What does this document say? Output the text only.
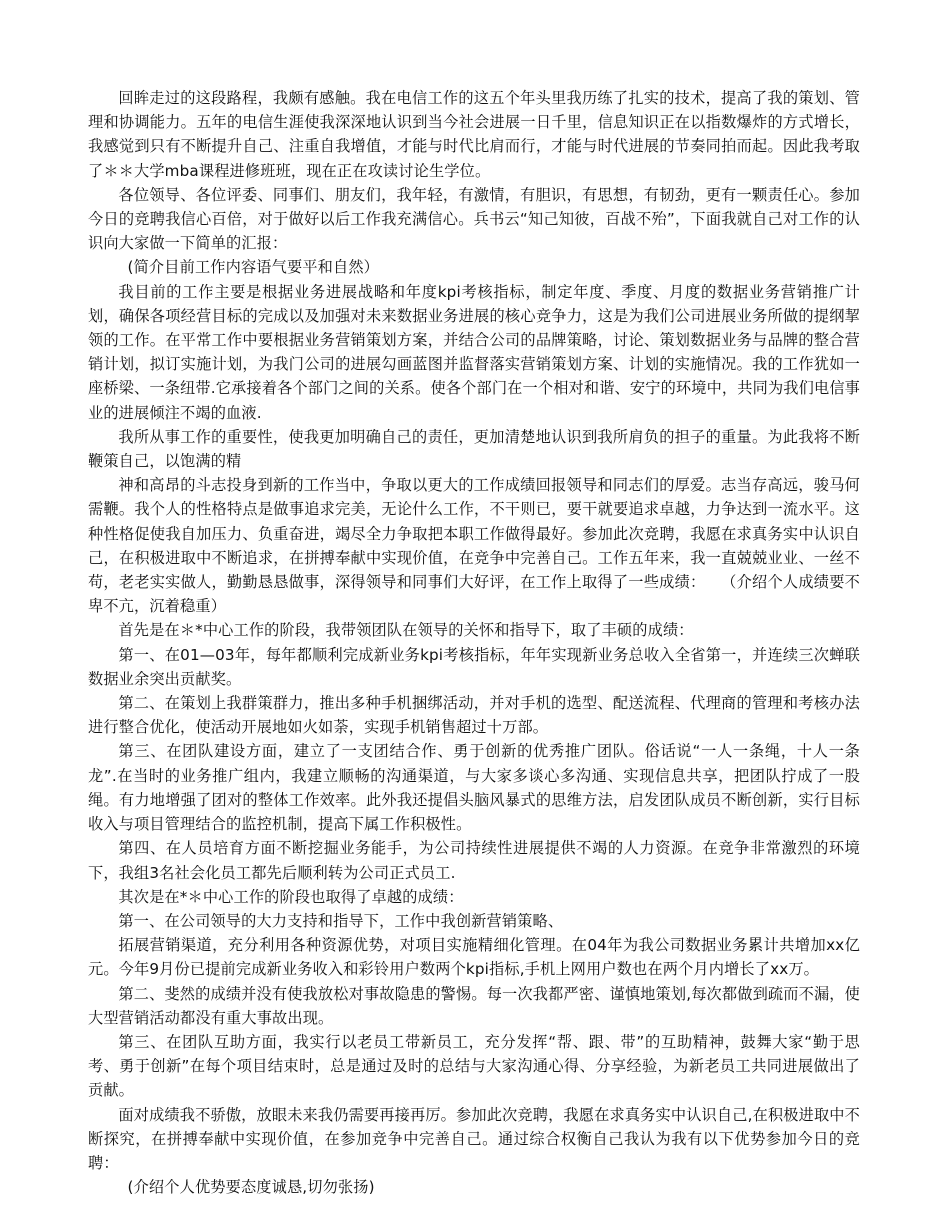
回眸走过的这段路程，我颇有感触。我在电信工作的这五个年头里我历练了扎实的技术，提高了我的策划、管理和协调能力。五年的电信生涯使我深深地认识到当今社会进展一日千里，信息知识正在以指数爆炸的方式增长，我感觉到只有不断提升自己、注重自我增值，才能与时代比肩而行，才能与时代进展的节奏同拍而起。因此我考取了＊＊大学mba课程进修班班，现在正在攻读讨论生学位。

各位领导、各位评委、同事们、朋友们，我年轻，有激情，有胆识，有思想，有韧劲，更有一颗责任心。参加今日的竞聘我信心百倍，对于做好以后工作我充满信心。兵书云“知己知彼，百战不殆”，下面我就自己对工作的认识向大家做一下简单的汇报：

(简介目前工作内容语气要平和自然）

我目前的工作主要是根据业务进展战略和年度kpi考核指标，制定年度、季度、月度的数据业务营销推广计划，确保各项经营目标的完成以及加强对未来数据业务进展的核心竞争力，这是为我们公司进展业务所做的提纲挈领的工作。在平常工作中要根据业务营销策划方案，并结合公司的品牌策略，讨论、策划数据业务与品牌的整合营销计划，拟订实施计划，为我门公司的进展勾画蓝图并监督落实营销策划方案、计划的实施情况。我的工作犹如一座桥梁、一条纽带.它承接着各个部门之间的关系。使各个部门在一个相对和谐、安宁的环境中，共同为我们电信事业的进展倾注不竭的血液.

我所从事工作的重要性，使我更加明确自己的责任，更加清楚地认识到我所肩负的担子的重量。为此我将不断鞭策自己，以饱满的精

神和高昂的斗志投身到新的工作当中，争取以更大的工作成绩回报领导和同志们的厚爱。志当存高远，骏马何需鞭。我个人的性格特点是做事追求完美，无论什么工作，不干则已，要干就要追求卓越，力争达到一流水平。这种性格促使我自加压力、负重奋进，竭尽全力争取把本职工作做得最好。参加此次竞聘，我愿在求真务实中认识自己，在积极进取中不断追求，在拼搏奉献中实现价值，在竞争中完善自己。工作五年来，我一直兢兢业业、一丝不苟，老老实实做人，勤勤恳恳做事，深得领导和同事们大好评，在工作上取得了一些成绩：　　（介绍个人成绩要不卑不亢，沉着稳重）

首先是在＊*中心工作的阶段，我带领团队在领导的关怀和指导下，取了丰硕的成绩：

第一、在01—03年，每年都顺利完成新业务kpi考核指标，年年实现新业务总收入全省第一，并连续三次蝉联数据业余突出贡献奖。

第二、在策划上我群策群力，推出多种手机捆绑活动，并对手机的选型、配送流程、代理商的管理和考核办法进行整合优化，使活动开展地如火如荼，实现手机销售超过十万部。

第三、在团队建设方面，建立了一支团结合作、勇于创新的优秀推广团队。俗话说“一人一条绳，十人一条龙”.在当时的业务推广组内，我建立顺畅的沟通渠道，与大家多谈心多沟通、实现信息共享，把团队拧成了一股绳。有力地增强了团对的整体工作效率。此外我还提倡头脑风暴式的思维方法，启发团队成员不断创新，实行目标收入与项目管理结合的监控机制，提高下属工作积极性。

第四、在人员培育方面不断挖掘业务能手，为公司持续性进展提供不竭的人力资源。在竞争非常激烈的环境下，我组3名社会化员工都先后顺利转为公司正式员工.

其次是在*＊中心工作的阶段也取得了卓越的成绩：

第一、在公司领导的大力支持和指导下，工作中我创新营销策略、

拓展营销渠道，充分利用各种资源优势，对项目实施精细化管理。在04年为我公司数据业务累计共增加xx亿元。今年9月份已提前完成新业务收入和彩铃用户数两个kpi指标,手机上网用户数也在两个月内增长了xx万。

第二、斐然的成绩并没有使我放松对事故隐患的警惕。每一次我都严密、谨慎地策划,每次都做到疏而不漏，使大型营销活动都没有重大事故出现。

第三、在团队互助方面，我实行以老员工带新员工，充分发挥“帮、跟、带”的互助精神，鼓舞大家“勤于思考、勇于创新”在每个项目结束时，总是通过及时的总结与大家沟通心得、分享经验，为新老员工共同进展做出了贡献。

面对成绩我不骄傲，放眼未来我仍需要再接再厉。参加此次竞聘，我愿在求真务实中认识自己,在积极进取中不断探究，在拼搏奉献中实现价值，在参加竞争中完善自己。通过综合权衡自己我认为我有以下优势参加今日的竞聘：

(介绍个人优势要态度诚恳,切勿张扬)
